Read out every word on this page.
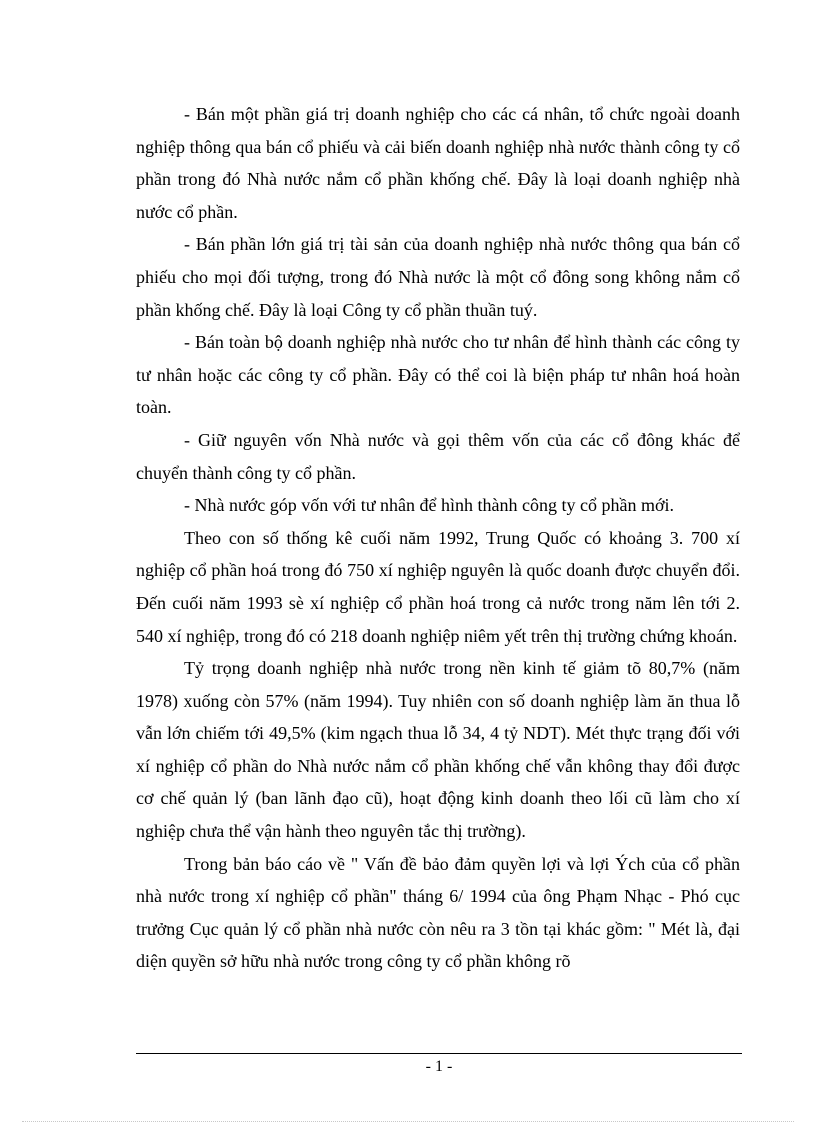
- Bán một phần giá trị doanh nghiệp cho các cá nhân, tổ chức ngoài doanh nghiệp thông qua bán cổ phiếu và cải biến doanh nghiệp nhà nước thành công ty cổ phần trong đó Nhà nước nắm cổ phần khống chế. Đây là loại doanh nghiệp nhà nước cổ phần.

- Bán phần lớn giá trị tài sản của doanh nghiệp nhà nước thông qua bán cổ phiếu cho mọi đối tượng, trong đó Nhà nước là một cổ đông song không nắm cổ phần khống chế. Đây là loại Công ty cổ phần thuần tuý.

- Bán toàn bộ doanh nghiệp nhà nước cho tư nhân để hình thành các công ty tư nhân hoặc các công ty cổ phần. Đây có thể coi là biện pháp tư nhân hoá hoàn toàn.

- Giữ nguyên vốn Nhà nước và gọi thêm vốn của các cổ đông khác để chuyển thành công ty cổ phần.

- Nhà nước góp vốn với tư nhân để hình thành công ty cổ phần mới.

Theo con số thống kê cuối năm 1992, Trung Quốc có khoảng 3. 700 xí nghiệp cổ phần hoá trong đó 750 xí nghiệp nguyên là quốc doanh được chuyển đổi. Đến cuối năm 1993 sè xí nghiệp cổ phần hoá trong cả nước trong năm lên tới 2. 540 xí nghiệp, trong đó có 218 doanh nghiệp niêm yết trên thị trường chứng khoán.

Tỷ trọng doanh nghiệp nhà nước trong nền kinh tế giảm tõ 80,7% (năm 1978) xuống còn 57% (năm 1994). Tuy nhiên con số doanh nghiệp làm ăn thua lỗ vẫn lớn chiếm tới 49,5% (kim ngạch thua lỗ 34, 4 tỷ NDT). Mét thực trạng đối với xí nghiệp cổ phần do Nhà nước nắm cổ phần khống chế vẫn không thay đổi được cơ chế quản lý (ban lãnh đạo cũ), hoạt động kinh doanh theo lối cũ làm cho xí nghiệp chưa thể vận hành theo nguyên tắc thị trường).

Trong bản báo cáo về " Vấn đề bảo đảm quyền lợi và lợi Ých của cổ phần nhà nước trong xí nghiệp cổ phần" tháng 6/ 1994 của ông Phạm Nhạc - Phó cục trưởng Cục quản lý cổ phần nhà nước còn nêu ra 3 tồn tại khác gồm: " Mét là, đại diện quyền sở hữu nhà nước trong công ty cổ phần không rõ

- 1 -
